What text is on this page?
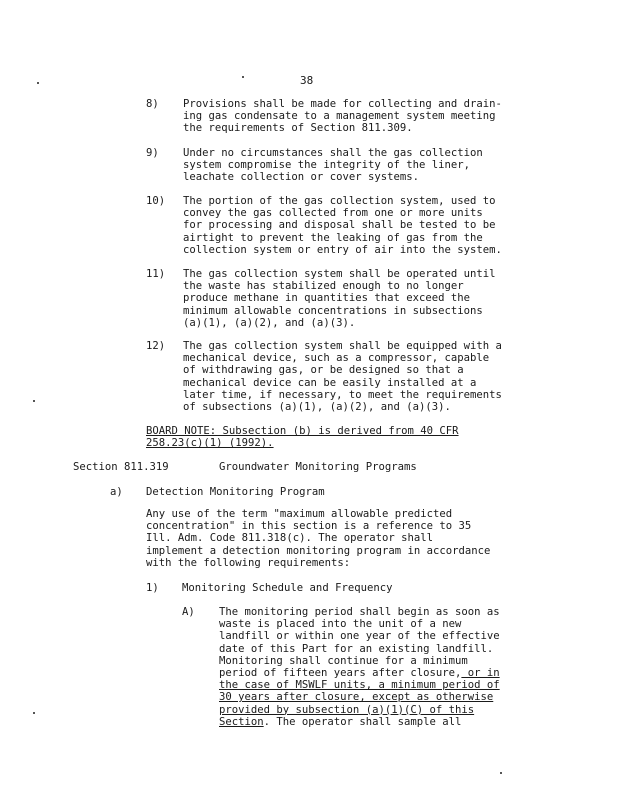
38
8)	Provisions shall be made for collecting and drain-
ing gas condensate to a management system meeting
the requirements of Section 811.309.
9)	Under no circumstances shall the gas collection
system compromise the integrity of the liner,
leachate collection or cover systems.
10)	The portion of the gas collection system, used to
convey the gas collected from one or more units
for processing and disposal shall be tested to be
airtight to prevent the leaking of gas from the
collection system or entry of air into the system.
11)	The gas collection system shall be operated until
the waste has stabilized enough to no longer
produce methane in quantities that exceed the
minimum allowable concentrations in subsections
(a)(1), (a)(2), and (a)(3).
12)	The gas collection system shall be equipped with a
mechanical device, such as a compressor, capable
of withdrawing gas, or be designed so that a
mechanical device can be easily installed at a
later time, if necessary, to meet the requirements
of subsections (a)(1), (a)(2), and (a)(3).
BOARD NOTE: Subsection (b) is derived from 40 CFR
258.23(c)(1) (1992).
Section 811.319	Groundwater Monitoring Programs
a) Detection Monitoring Program
Any use of the term "maximum allowable predicted
concentration" in this section is a reference to 35
Ill. Adm. Code 811.318(c). The operator shall
implement a detection monitoring program in accordance
with the following requirements:
1) Monitoring Schedule and Frequency
A) The monitoring period shall begin as soon as
waste is placed into the unit of a new
landfill or within one year of the effective
date of this Part for an existing landfill.
Monitoring shall continue for a minimum
period of fifteen years after closure, or in
the case of MSWLF units, a minimum period of
30 years after closure, except as otherwise
provided by subsection (a)(1)(C) of this
Section. The operator shall sample all
